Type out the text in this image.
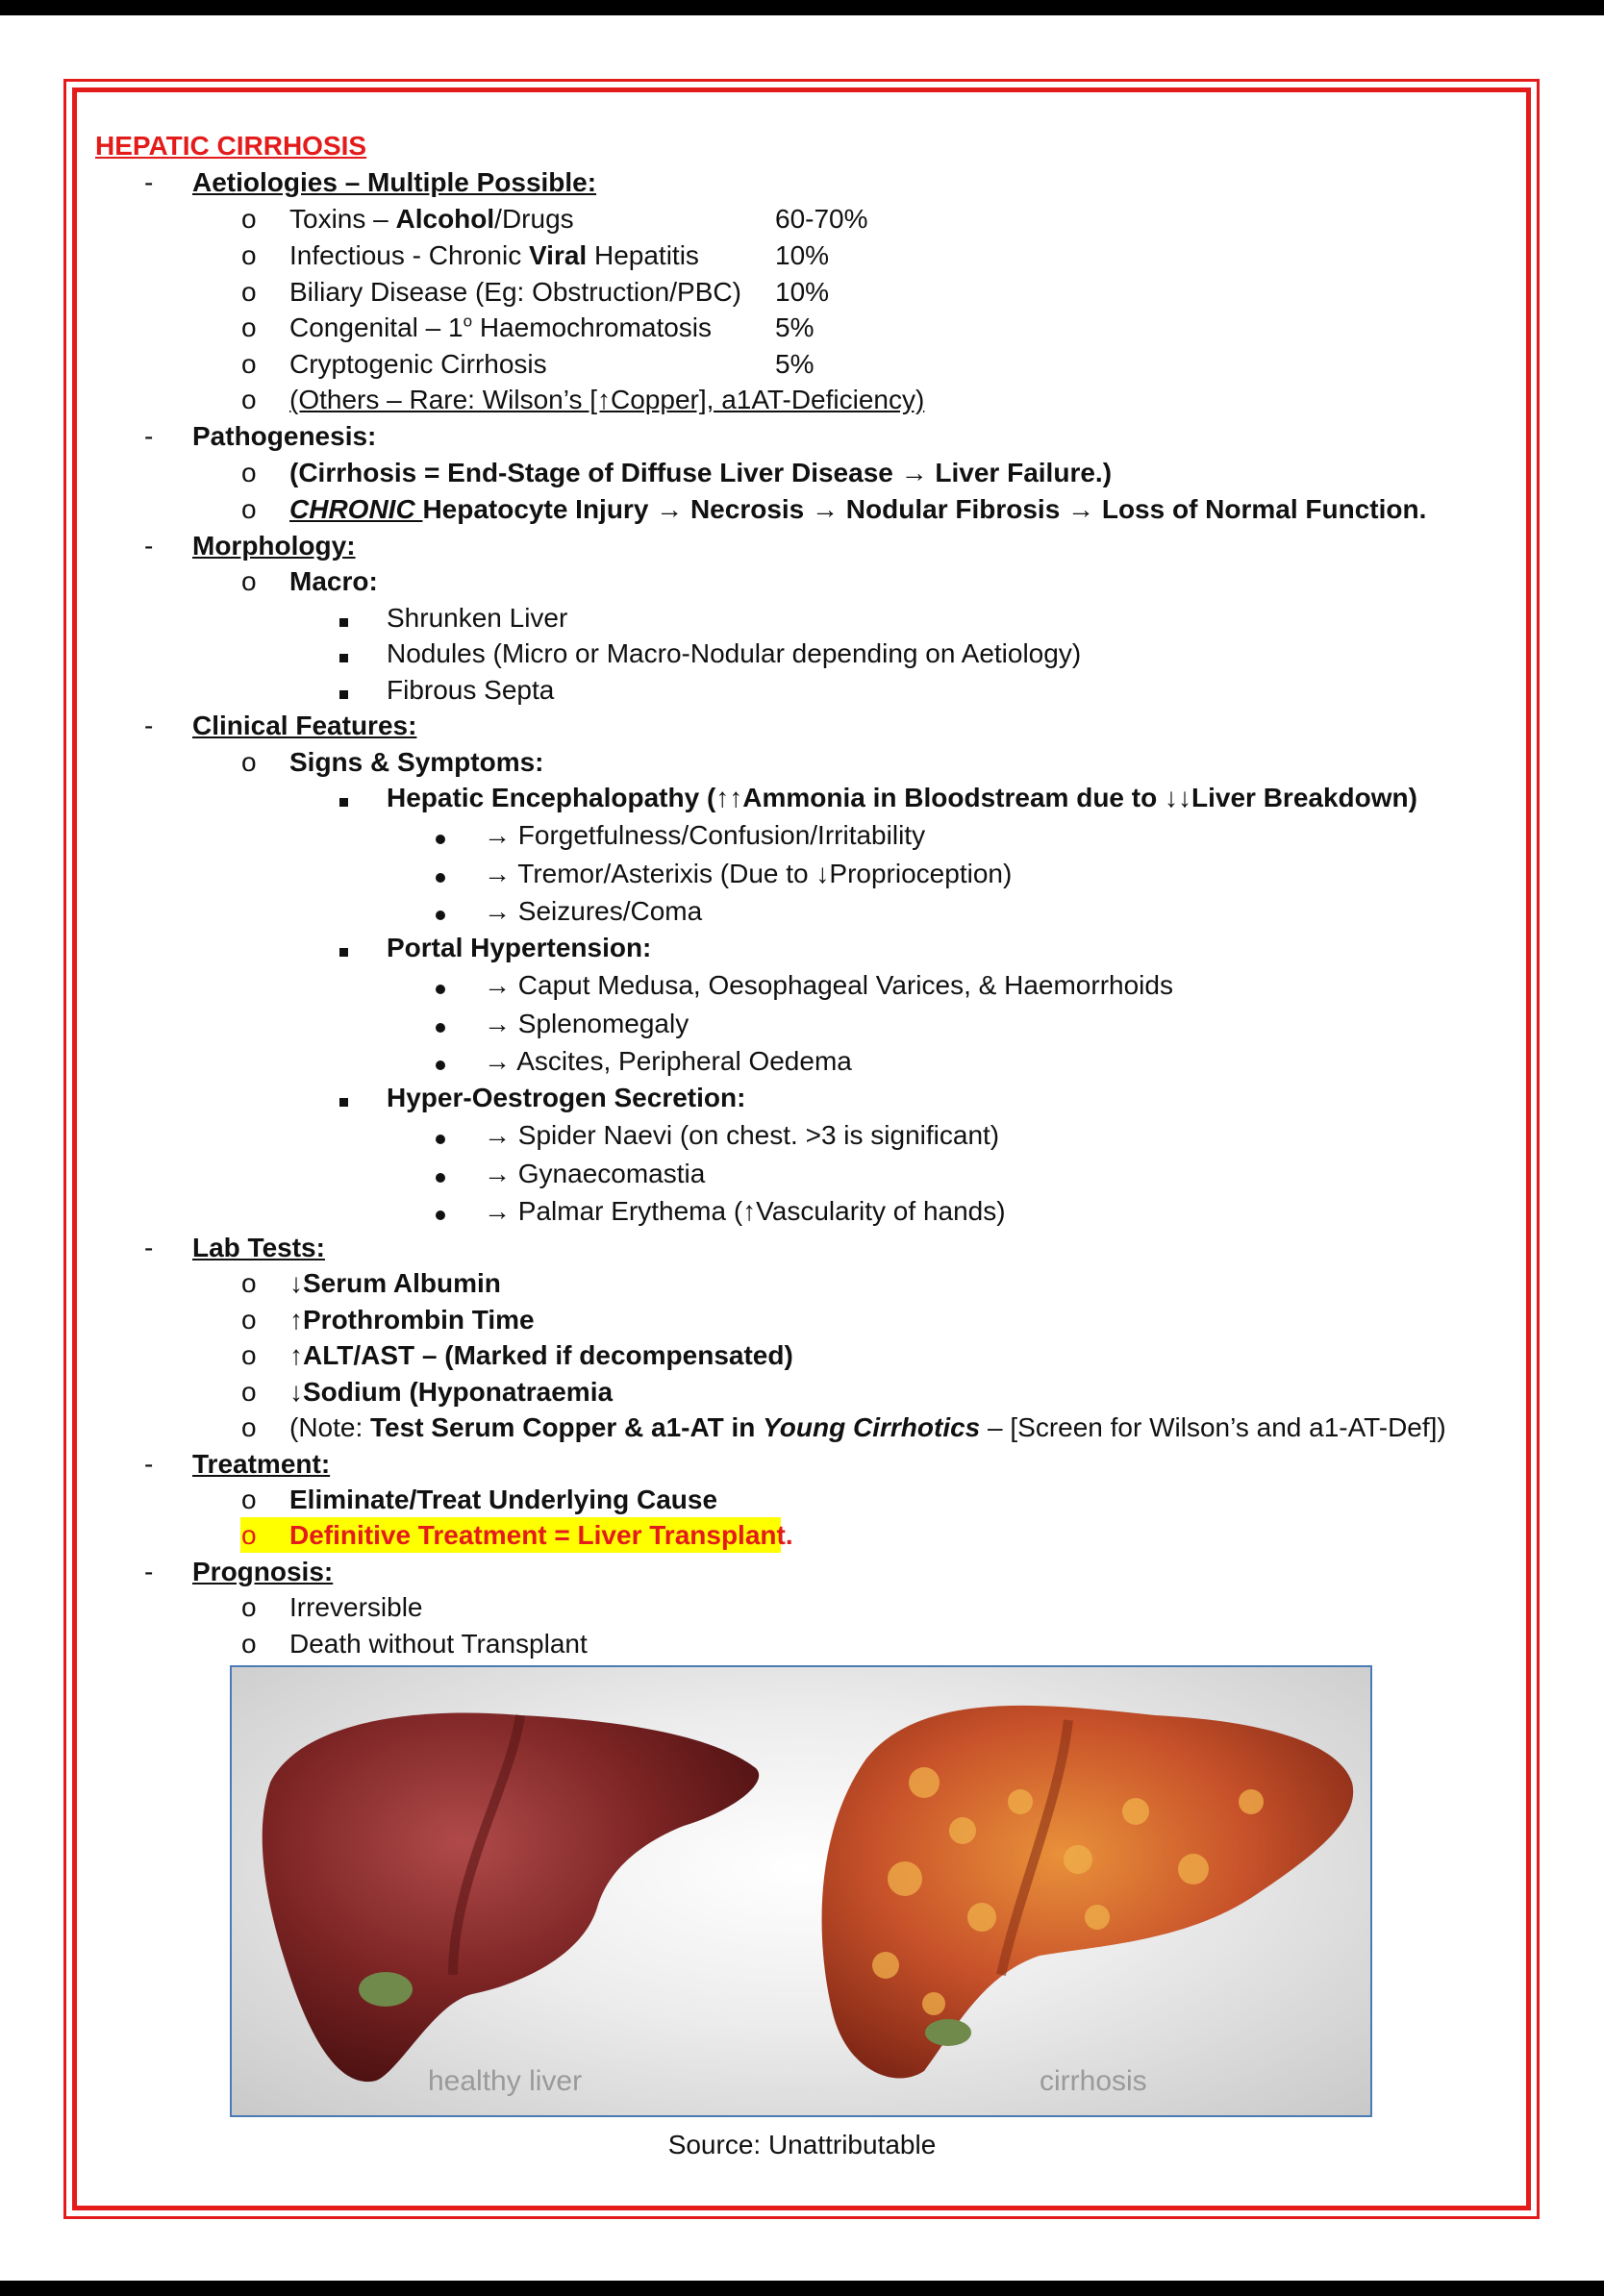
HEPATIC CIRRHOSIS
- Aetiologies – Multiple Possible:
o Toxins – Alcohol/Drugs	60-70%
o Infectious - Chronic Viral Hepatitis	10%
o Biliary Disease (Eg: Obstruction/PBC) 10%
o Congenital – 1$^o$ Haemochromatosis 5%
o Cryptogenic Cirrhosis	5%
o (Others – Rare: Wilson’s [↑Copper], a1AT-Deficiency)
- Pathogenesis:
o (Cirrhosis = End-Stage of Diffuse Liver Disease → Liver Failure.)
o CHRONIC Hepatocyte Injury → Necrosis → Nodular Fibrosis → Loss of Normal Function.
- Morphology:
o Macro:
Shrunken Liver
Nodules (Micro or Macro-Nodular depending on Aetiology)
Fibrous Septa
- Clinical Features:
o Signs & Symptoms:
Hepatic Encephalopathy (↑↑Ammonia in Bloodstream due to ↓↓Liver Breakdown)
→ Forgetfulness/Confusion/Irritability
→ Tremor/Asterixis (Due to ↓Proprioception)
→ Seizures/Coma
Portal Hypertension:
→ Caput Medusa, Oesophageal Varices, & Haemorrhoids
→ Splenomegaly
→ Ascites, Peripheral Oedema
Hyper-Oestrogen Secretion:
→ Spider Naevi (on chest. >3 is significant)
→ Gynaecomastia
→ Palmar Erythema (↑Vascularity of hands)
- Lab Tests:
o ↓Serum Albumin
o ↑Prothrombin Time
o ↑ALT/AST – (Marked if decompensated)
o ↓Sodium (Hyponatraemia
o (Note: Test Serum Copper & a1-AT in Young Cirrhotics – [Screen for Wilson’s and a1-AT-Def])
- Treatment:
o Eliminate/Treat Underlying Cause
o Definitive Treatment = Liver Transplant.
- Prognosis:
o Irreversible
o Death without Transplant
healthy liver	cirrhosis
Source: Unattributable
